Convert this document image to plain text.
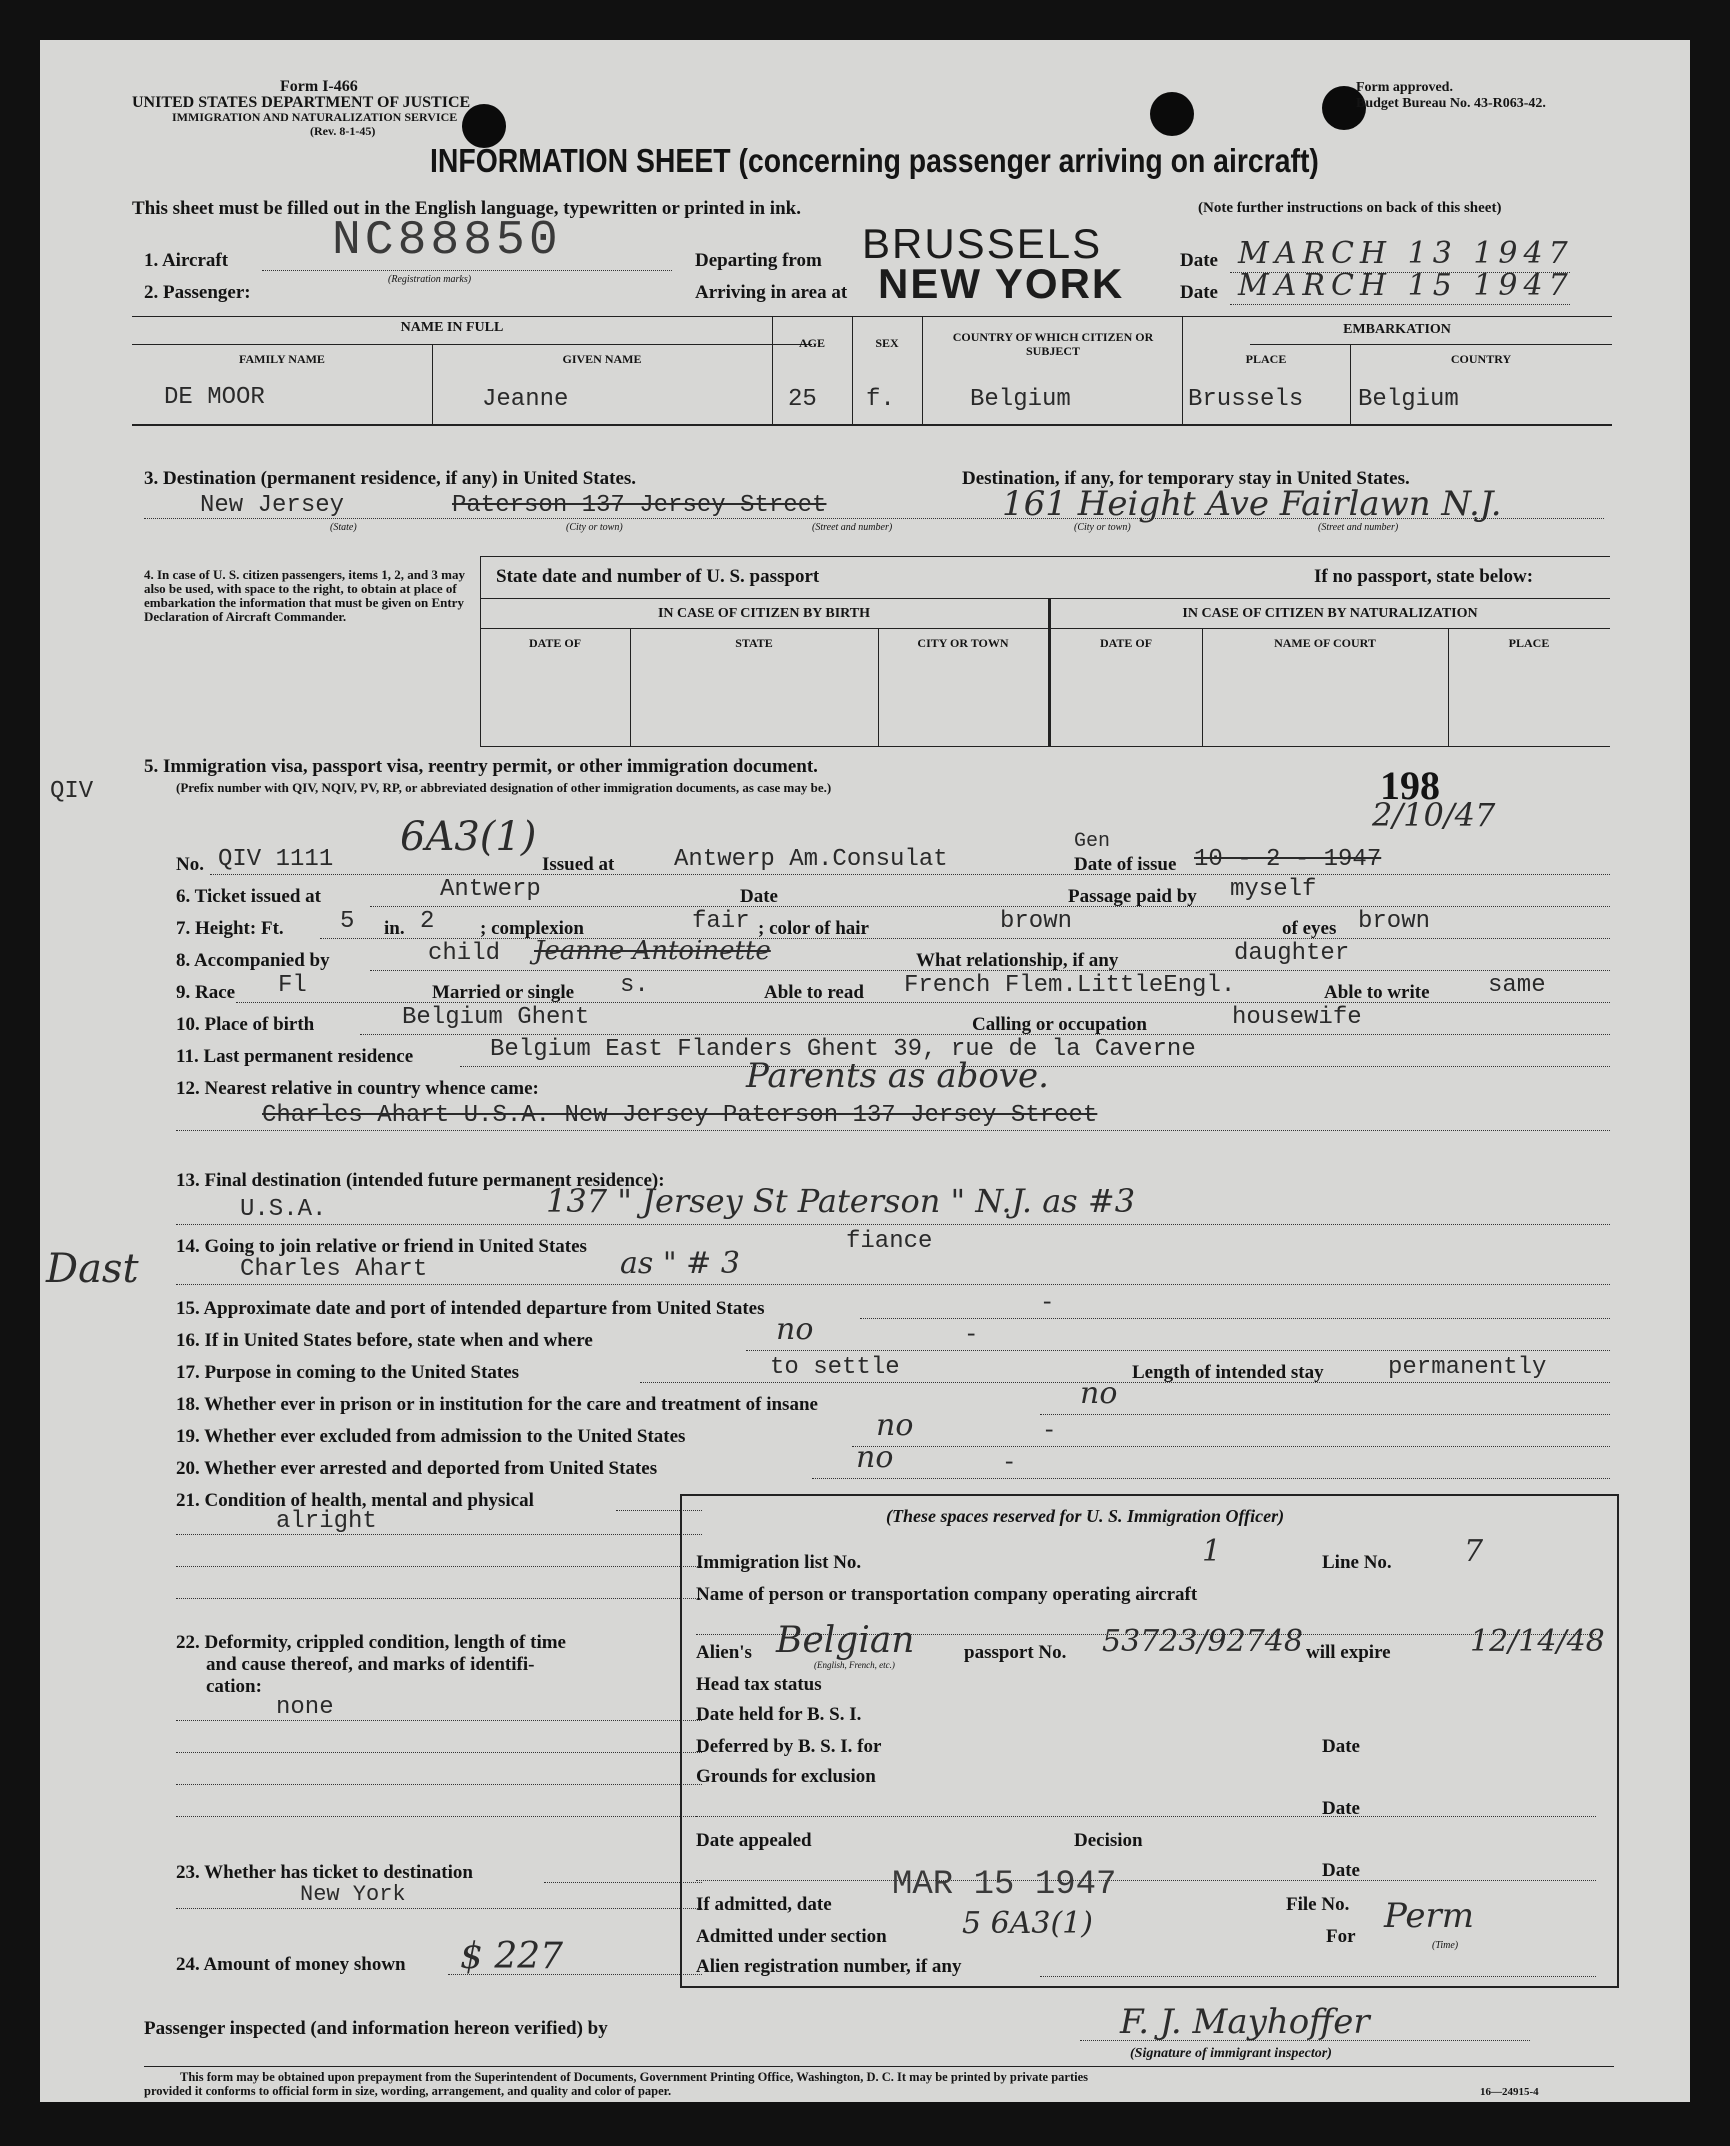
Form I-466
UNITED STATES DEPARTMENT OF JUSTICE
IMMIGRATION AND NATURALIZATION SERVICE
(Rev. 8-1-45)
Form approved.
Budget Bureau No. 43-R063-42.
INFORMATION SHEET (concerning passenger arriving on aircraft)
This sheet must be filled out in the English language, typewritten or printed in ink.	(Note further instructions on back of this sheet)
1. Aircraft NC88850
(Registration marks)
2. Passenger:
Departing from BRUSSELS
Arriving in area at NEW YORK	Date
Date
MARCH 13 1947
MARCH 15 1947
NAME IN FULL
FAMILY NAME	GIVEN NAME
AGE	SEX	COUNTRY OF WHICH CITIZEN OR SUBJECT
EMBARKATION
PLACE	COUNTRY
DE MOOR	Jeanne	25 f.	Belgium	Brussels Belgium
3. Destination (permanent residence, if any) in United States.	Destination, if any, for temporary stay in United States.
New Jersey	Paterson 137 Jersey Street	161 Height Ave Fairlawn N.J.
(State)	(City or town)	(Street and number)	(City or town)	(Street and number)
4. In case of U. S. citizen passengers, items 1, 2, and 3 may also be used, with space to the right, to obtain at place of embarkation the information that must be given on Entry Declaration of Aircraft Commander.
State date and number of U. S. passport	If no passport, state below:
IN CASE OF CITIZEN BY BIRTH	IN CASE OF CITIZEN BY NATURALIZATION
DATE OF	STATE	CITY OR TOWN	DATE OF	NAME OF COURT	PLACE
QIV
5. Immigration visa, passport visa, reentry permit, or other immigration document.
(Prefix number with QIV, NQIV, PV, RP, or abbreviated designation of other immigration documents, as case may be.)
6A3(1)
198
2/10/47
No. QIV 1111	Issued at Antwerp Am.Consulat
Gen
Date of issue 10 - 2 - 1947
6. Ticket issued at	Antwerp	Date	Passage paid by myself
7. Height: Ft. 5 in. 2 ; complexion	fair ; color of hair	brown	of eyes brown
8. Accompanied by	child Jeanne Antoinette	What relationship, if any	daughter
9. Race Fl	Married or single s.	Able to read French Flem.LittleEngl.	Able to write same
10. Place of birth	Belgium Ghent	Calling or occupation	housewife
11. Last permanent residence	Belgium East Flanders Ghent 39, rue de la Caverne
12. Nearest relative in country whence came:	Parents as above.
Charles Ahart U.S.A. New Jersey Paterson 137 Jersey Street
13. Final destination (intended future permanent residence):
U.S.A.	137 " Jersey St Paterson " N.J. as #3
Dast 14. Going to join relative or friend in United States	fiance
Charles Ahart	as " # 3
15. Approximate date and port of intended departure from United States	-
16. If in United States before, state when and where	no	-
17. Purpose in coming to the United States	to settle	Length of intended stay	permanently
18. Whether ever in prison or in institution for the care and treatment of insane	no
19. Whether ever excluded from admission to the United States	no	-
20. Whether ever arrested and deported from United States	no	-
21. Condition of health, mental and physical
alright
22. Deformity, crippled condition, length of time
and cause thereof, and marks of identifi-
cation:
none
23. Whether has ticket to destination
New York
24. Amount of money shown $ 227
(These spaces reserved for U. S. Immigration Officer)
Immigration list No.	1	Line No. 7
Name of person or transportation company operating aircraft
Alien's Belgian
(English, French, etc.)
passport No. 53723/92748 will expire	12/14/48
Head tax status
Date held for B. S. I.
Deferred by B. S. I. for	Date
Grounds for exclusion
Date
Date appealed	Decision
Date
If admitted, date
MAR 15 1947
File No.
Admitted under section	5 6A3(1)	For
Perm
(Time)
Alien registration number, if any
Passenger inspected (and information hereon verified) by	F. J. Mayhoffer
(Signature of immigrant inspector)
This form may be obtained upon prepayment from the Superintendent of Documents, Government Printing Office, Washington, D. C. It may be printed by private parties
provided it conforms to official form in size, wording, arrangement, and quality and color of paper.	16—24915-4
